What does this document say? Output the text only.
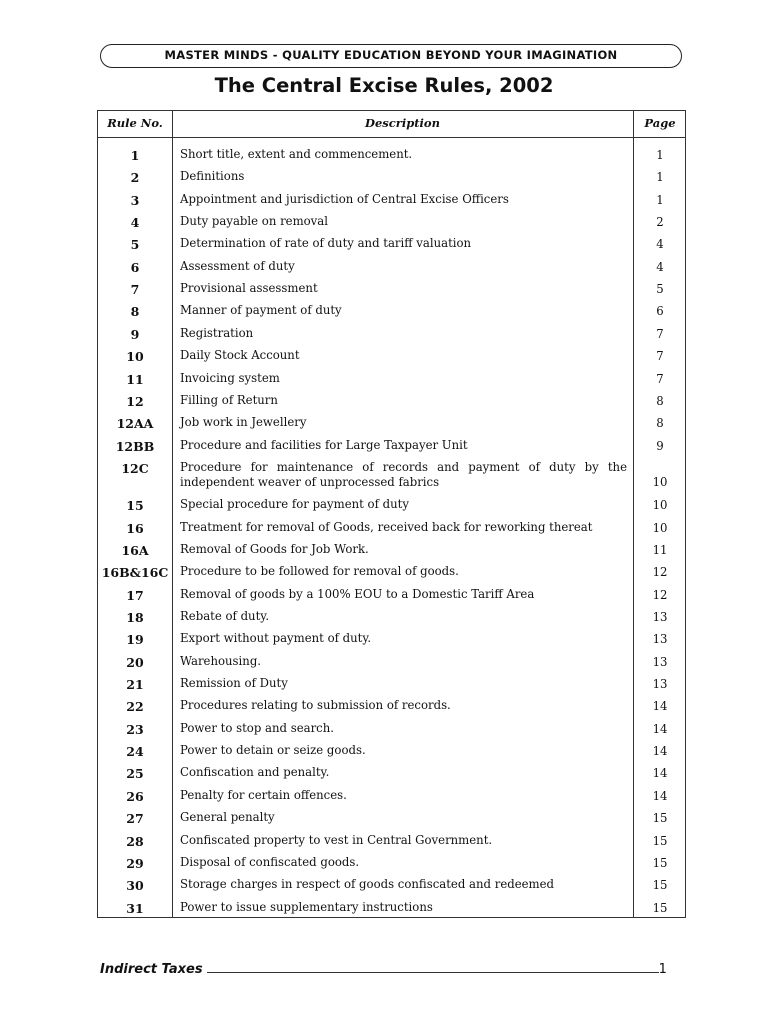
MASTER MINDS - QUALITY EDUCATION BEYOND YOUR IMAGINATION
The Central Excise Rules, 2002
Rule No.	Description	Page
1	Short title, extent and commencement.	1
2	Definitions	1
3	Appointment and jurisdiction of Central Excise Officers	1
4	Duty payable on removal	2
5	Determination of rate of duty and tariff valuation	4
6	Assessment of duty	4
7	Provisional assessment	5
8	Manner of payment of duty	6
9	Registration	7
10	Daily Stock Account	7
11	Invoicing system	7
12	Filling of Return	8
12AA	Job work in Jewellery	8
12BB	Procedure and facilities for Large Taxpayer Unit	9
12C	Procedure for maintenance of records and payment of duty by the independent weaver of unprocessed fabrics	10
15	Special procedure for payment of duty	10
16	Treatment for removal of Goods, received back for reworking thereat	10
16A	Removal of Goods for Job Work.	11
16B&16C	Procedure to be followed for removal of goods.	12
17	Removal of goods by a 100% EOU to a Domestic Tariff Area	12
18	Rebate of duty.	13
19	Export without payment of duty.	13
20	Warehousing.	13
21	Remission of Duty	13
22	Procedures relating to submission of records.	14
23	Power to stop and search.	14
24	Power to detain or seize goods.	14
25	Confiscation and penalty.	14
26	Penalty for certain offences.	14
27	General penalty	15
28	Confiscated property to vest in Central Government.	15
29	Disposal of confiscated goods.	15
30	Storage charges in respect of goods confiscated and redeemed	15
31	Power to issue supplementary instructions	15
Indirect Taxes	1
